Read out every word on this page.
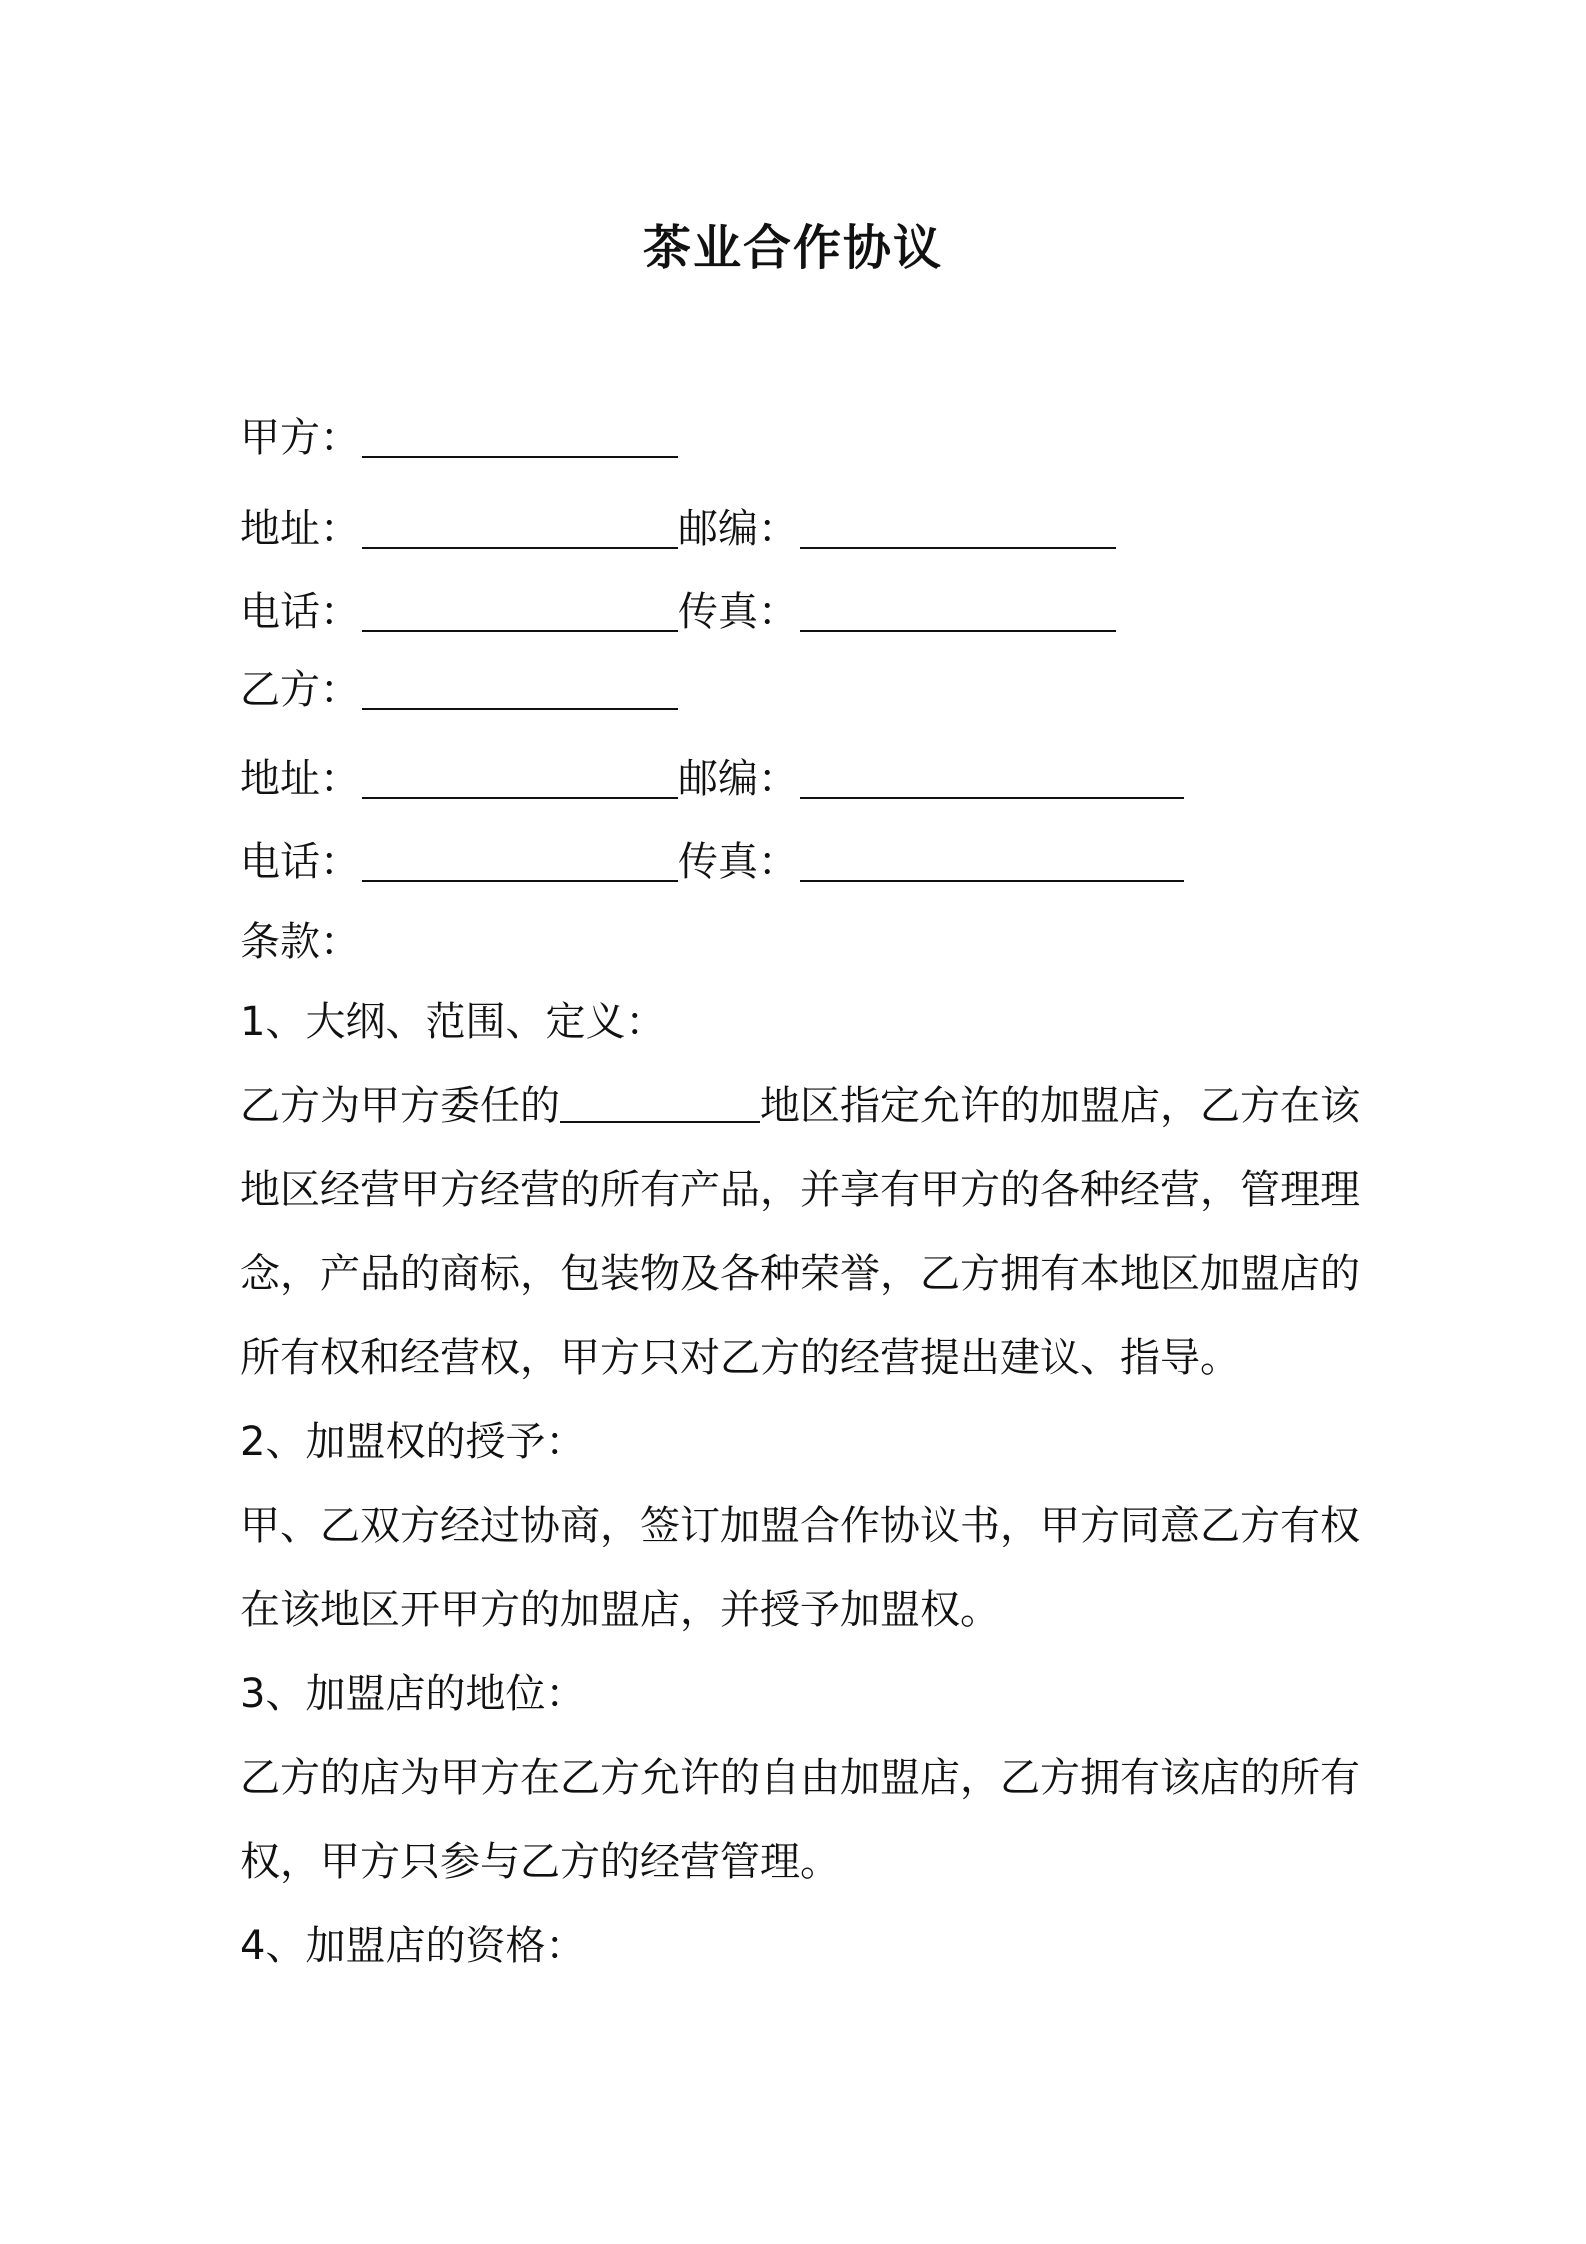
茶业合作协议
甲方：
地址：	邮编：
电话：	传真：
乙方：
地址：	邮编：
电话：	传真：
条款：
1、大纲、范围、定义：
乙方为甲方委任的	地区指定允许的加盟店，乙方在该
地区经营甲方经营的所有产品，并享有甲方的各种经营，管理理
念，产品的商标，包装物及各种荣誉，乙方拥有本地区加盟店的
所有权和经营权，甲方只对乙方的经营提出建议、指导。
2、加盟权的授予：
甲、乙双方经过协商，签订加盟合作协议书，甲方同意乙方有权
在该地区开甲方的加盟店，并授予加盟权。
3、加盟店的地位：
乙方的店为甲方在乙方允许的自由加盟店，乙方拥有该店的所有
权，甲方只参与乙方的经营管理。
4、加盟店的资格：
